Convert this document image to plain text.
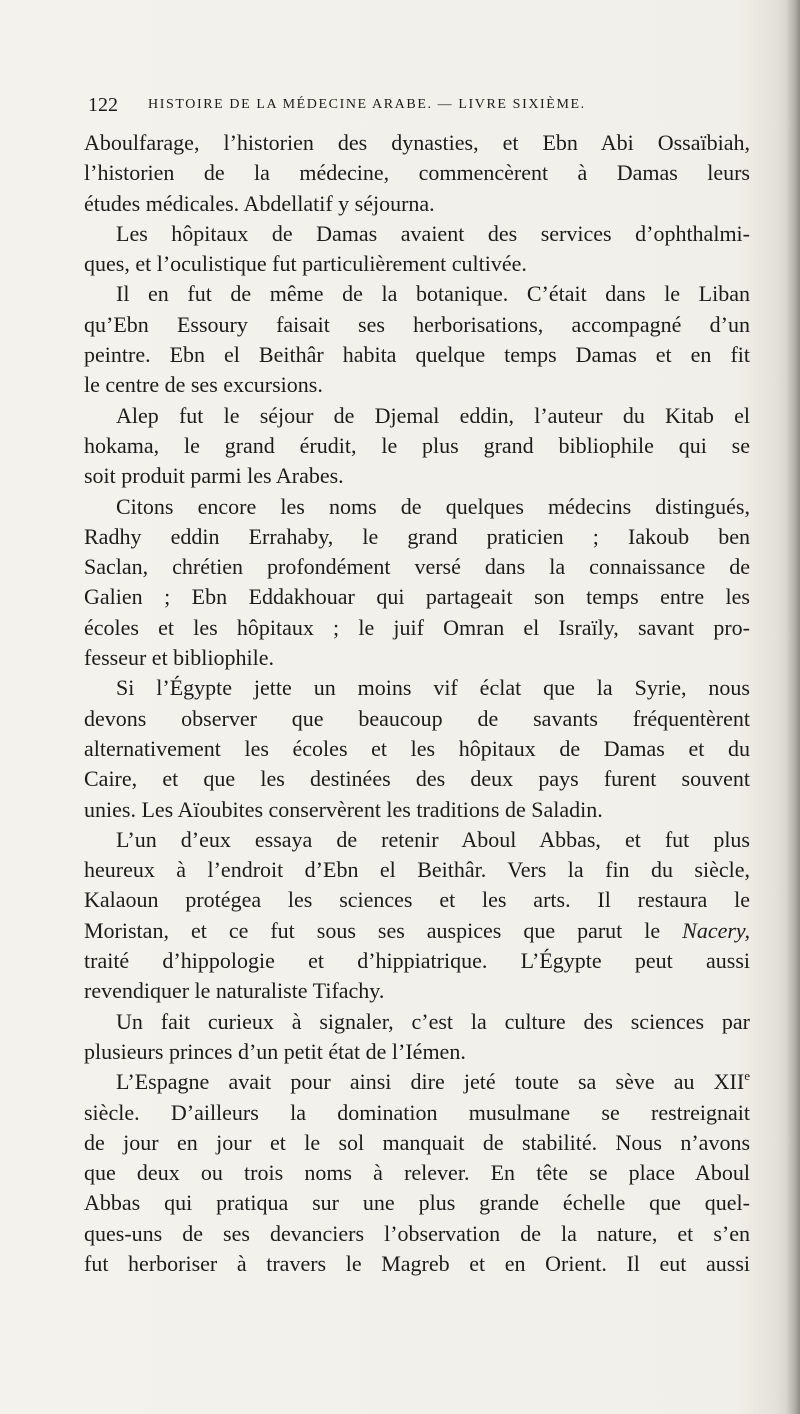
122 HISTOIRE DE LA MÉDECINE ARABE. — LIVRE SIXIÈME.
Aboulfarage, l’historien des dynasties, et Ebn Abi Ossaïbiah,
l’historien de la médecine, commencèrent à Damas leurs
études médicales. Abdellatif y séjourna.
Les hôpitaux de Damas avaient des services d’ophthalmi-
ques, et l’oculistique fut particulièrement cultivée.
Il en fut de même de la botanique. C’était dans le Liban
qu’Ebn Essoury faisait ses herborisations, accompagné d’un
peintre. Ebn el Beithâr habita quelque temps Damas et en fit
le centre de ses excursions.
Alep fut le séjour de Djemal eddin, l’auteur du Kitab el
hokama, le grand érudit, le plus grand bibliophile qui se
soit produit parmi les Arabes.
Citons encore les noms de quelques médecins distingués,
Radhy eddin Errahaby, le grand praticien ; Iakoub ben
Saclan, chrétien profondément versé dans la connaissance de
Galien ; Ebn Eddakhouar qui partageait son temps entre les
écoles et les hôpitaux ; le juif Omran el Israïly, savant pro-
fesseur et bibliophile.
Si l’Égypte jette un moins vif éclat que la Syrie, nous
devons observer que beaucoup de savants fréquentèrent
alternativement les écoles et les hôpitaux de Damas et du
Caire, et que les destinées des deux pays furent souvent
unies. Les Aïoubites conservèrent les traditions de Saladin.
L’un d’eux essaya de retenir Aboul Abbas, et fut plus
heureux à l’endroit d’Ebn el Beithâr. Vers la fin du siècle,
Kalaoun protégea les sciences et les arts. Il restaura le
Moristan, et ce fut sous ses auspices que parut le Nacery,
traité d’hippologie et d’hippiatrique. L’Égypte peut aussi
revendiquer le naturaliste Tifachy.
Un fait curieux à signaler, c’est la culture des sciences par
plusieurs princes d’un petit état de l’Iémen.
L’Espagne avait pour ainsi dire jeté toute sa sève au XIIe
siècle. D’ailleurs la domination musulmane se restreignait
de jour en jour et le sol manquait de stabilité. Nous n’avons
que deux ou trois noms à relever. En tête se place Aboul
Abbas qui pratiqua sur une plus grande échelle que quel-
ques-uns de ses devanciers l’observation de la nature, et s’en
fut herboriser à travers le Magreb et en Orient. Il eut aussi
